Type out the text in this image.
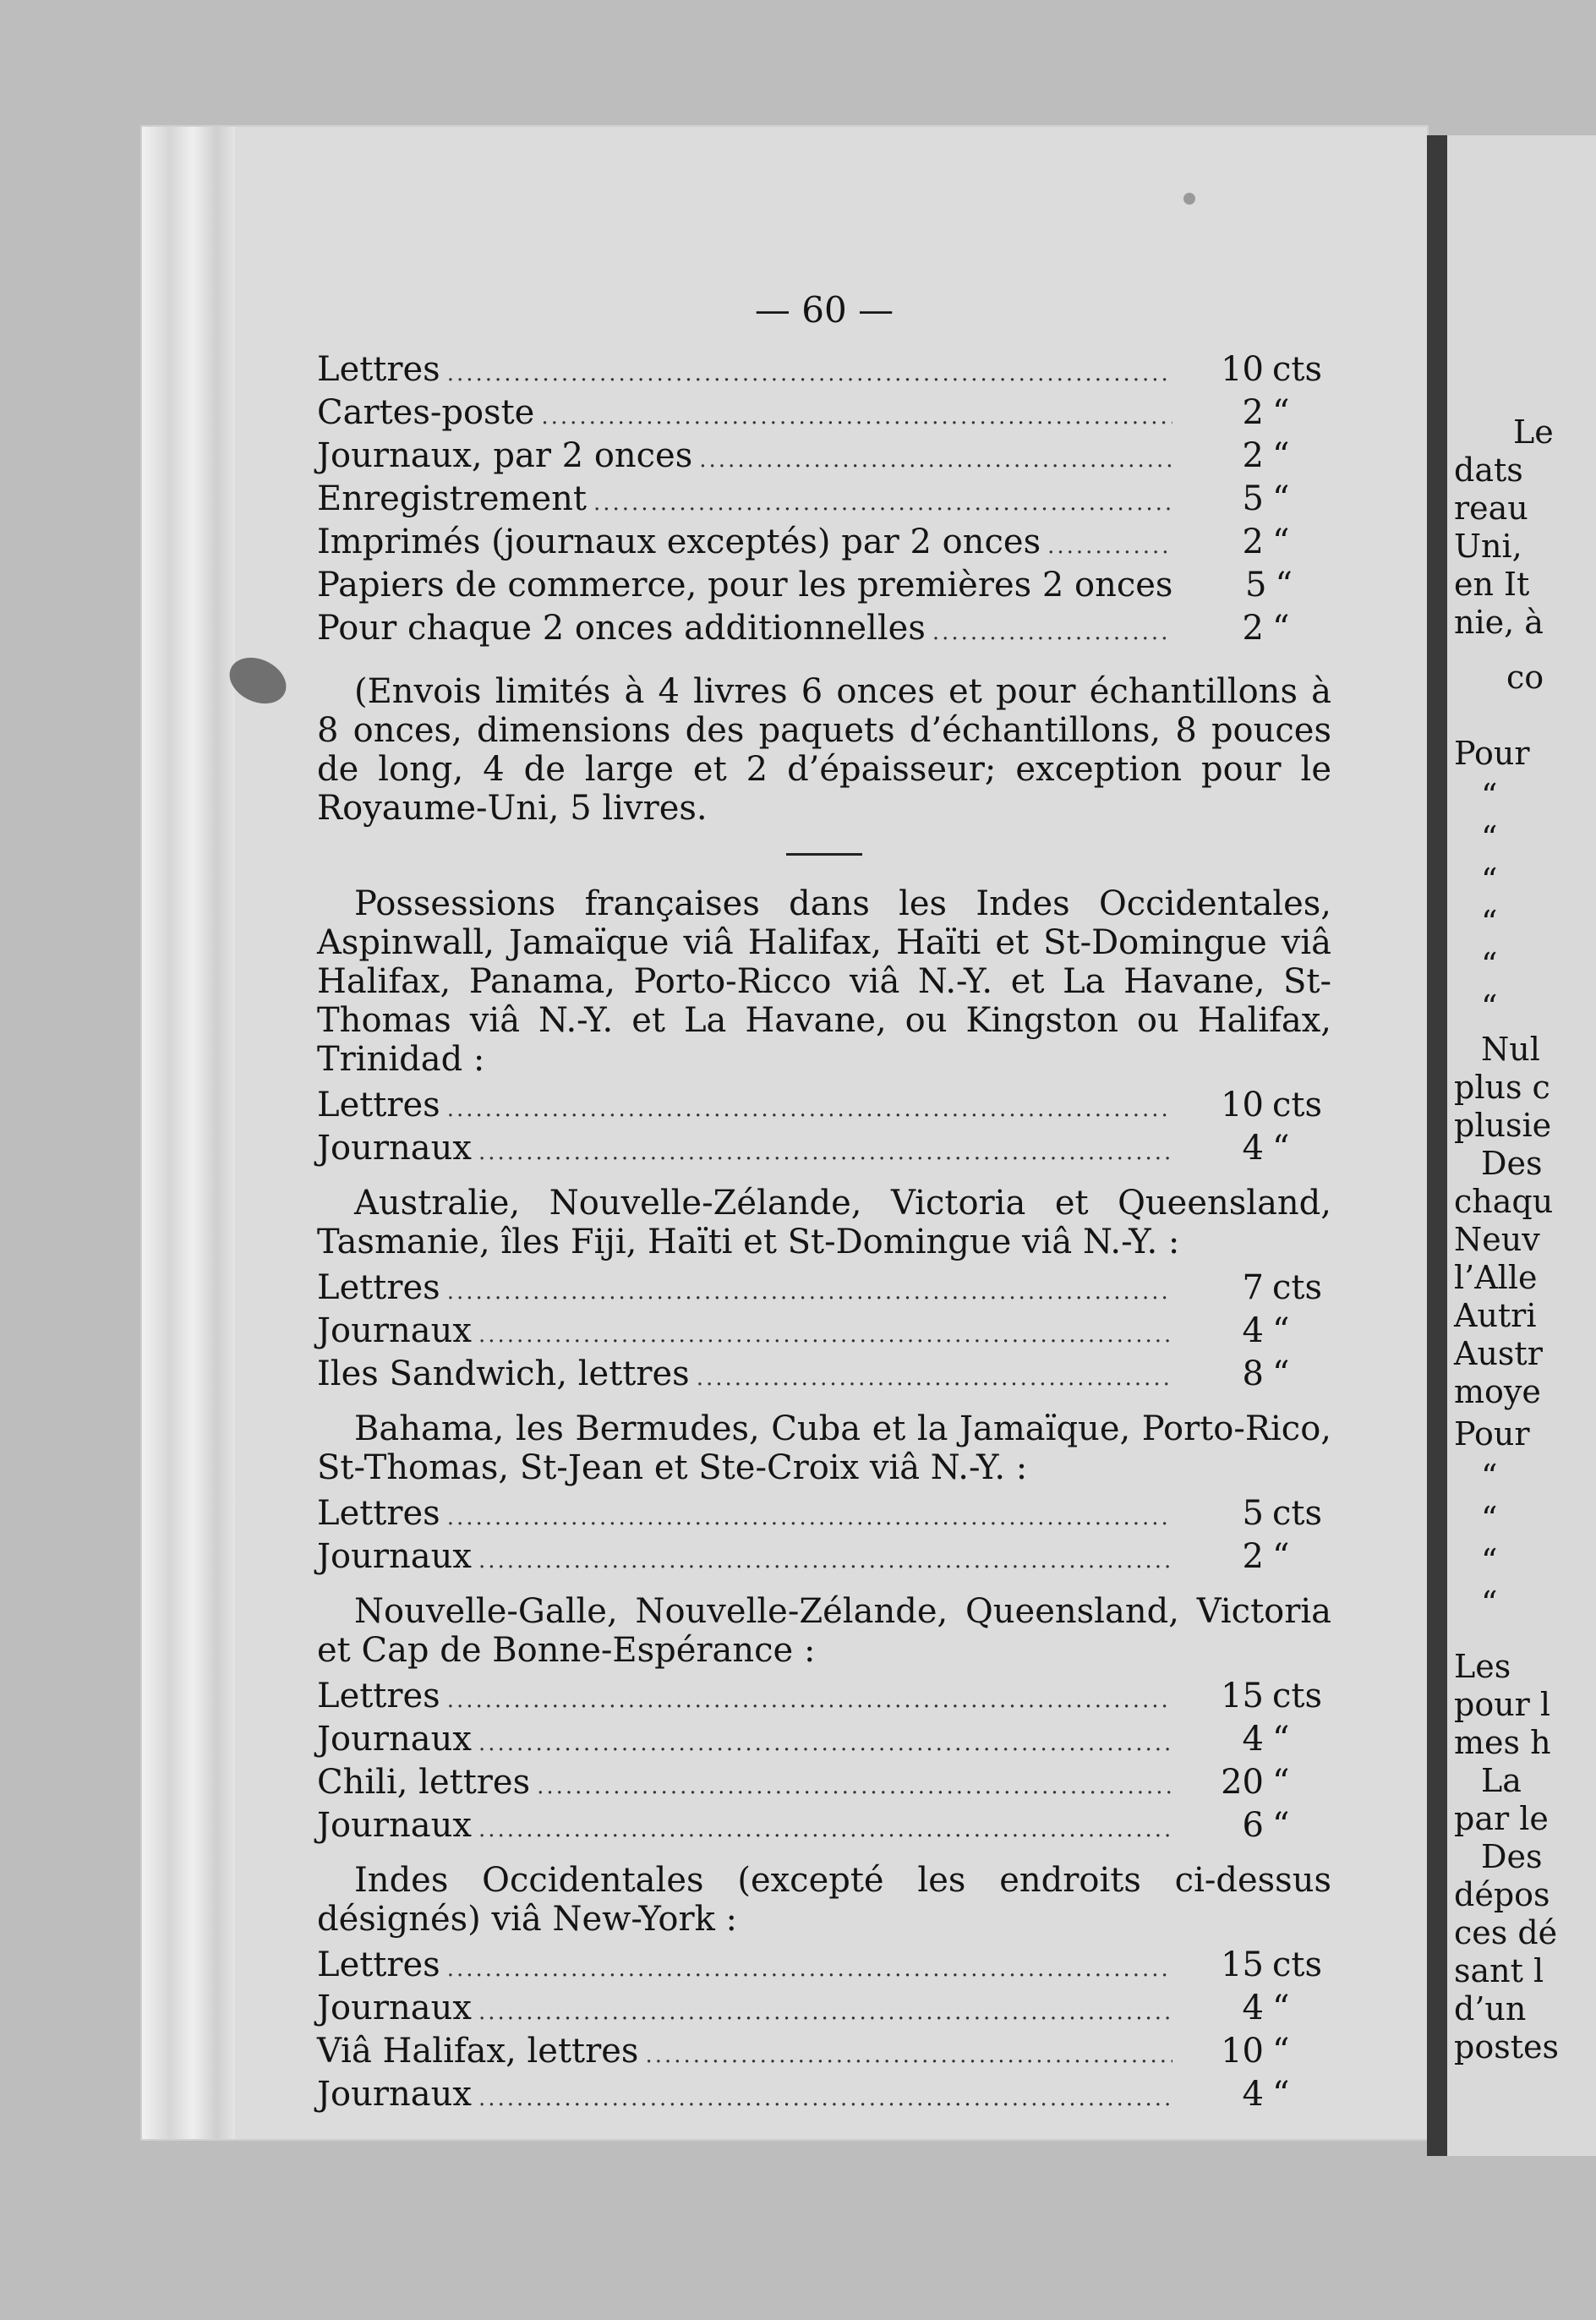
— 60 —
Lettres .....	10 cts
Cartes-poste .....	2 “
Journaux, par 2 onces .....	2 “
Enregistrement .....	5 “
Imprimés (journaux exceptés) par 2 onces .....	2 “
Papiers de commerce, pour les premières 2 onces	5 “
Pour chaque 2 onces additionnelles .....	2 “

(Envois limités à 4 livres 6 onces et pour échantillons à 8 onces, dimensions des paquets d’échantillons, 8 pouces de long, 4 de large et 2 d’épaisseur; exception pour le Royaume-Uni, 5 livres.

Possessions françaises dans les Indes Occidentales, Aspinwall, Jamaïque viâ Halifax, Haïti et St-Domingue viâ Halifax, Panama, Porto-Ricco viâ N.-Y. et La Havane, St-Thomas viâ N.-Y. et La Havane, ou Kingston ou Halifax, Trinidad :

Lettres .....	10 cts
Journaux .....	4 “

Australie, Nouvelle-Zélande, Victoria et Queensland, Tasmanie, îles Fiji, Haïti et St-Domingue viâ N.-Y. :

Lettres .....	7 cts
Journaux .....	4 “
Iles Sandwich, lettres .....	8 “

Bahama, les Bermudes, Cuba et la Jamaïque, Porto-Rico, St-Thomas, St-Jean et Ste-Croix viâ N.-Y. :

Lettres .....	5 cts
Journaux .....	2 “

Nouvelle-Galle, Nouvelle-Zélande, Queensland, Victoria et Cap de Bonne-Espérance :

Lettres .....	15 cts
Journaux .....	4 “
Chili, lettres .....	20 “
Journaux .....	6 “

Indes Occidentales (excepté les endroits ci-dessus désignés) viâ New-York :

Lettres .....	15 cts
Journaux .....	4 “
Viâ Halifax, lettres .....	10 “
Journaux .....	4 “
Le
dats
reau
Uni,
en It
nie, à
co
Pour
“
“
“
“
“
“
Nul
plus c
plusie
Des
chaqu
Neuv
l’Alle
Autri
Austr
moye
Pour
“
“
“
“
Les
pour l
mes h
La
par le
Des
dépos
ces dé
sant l
d’un
postes
